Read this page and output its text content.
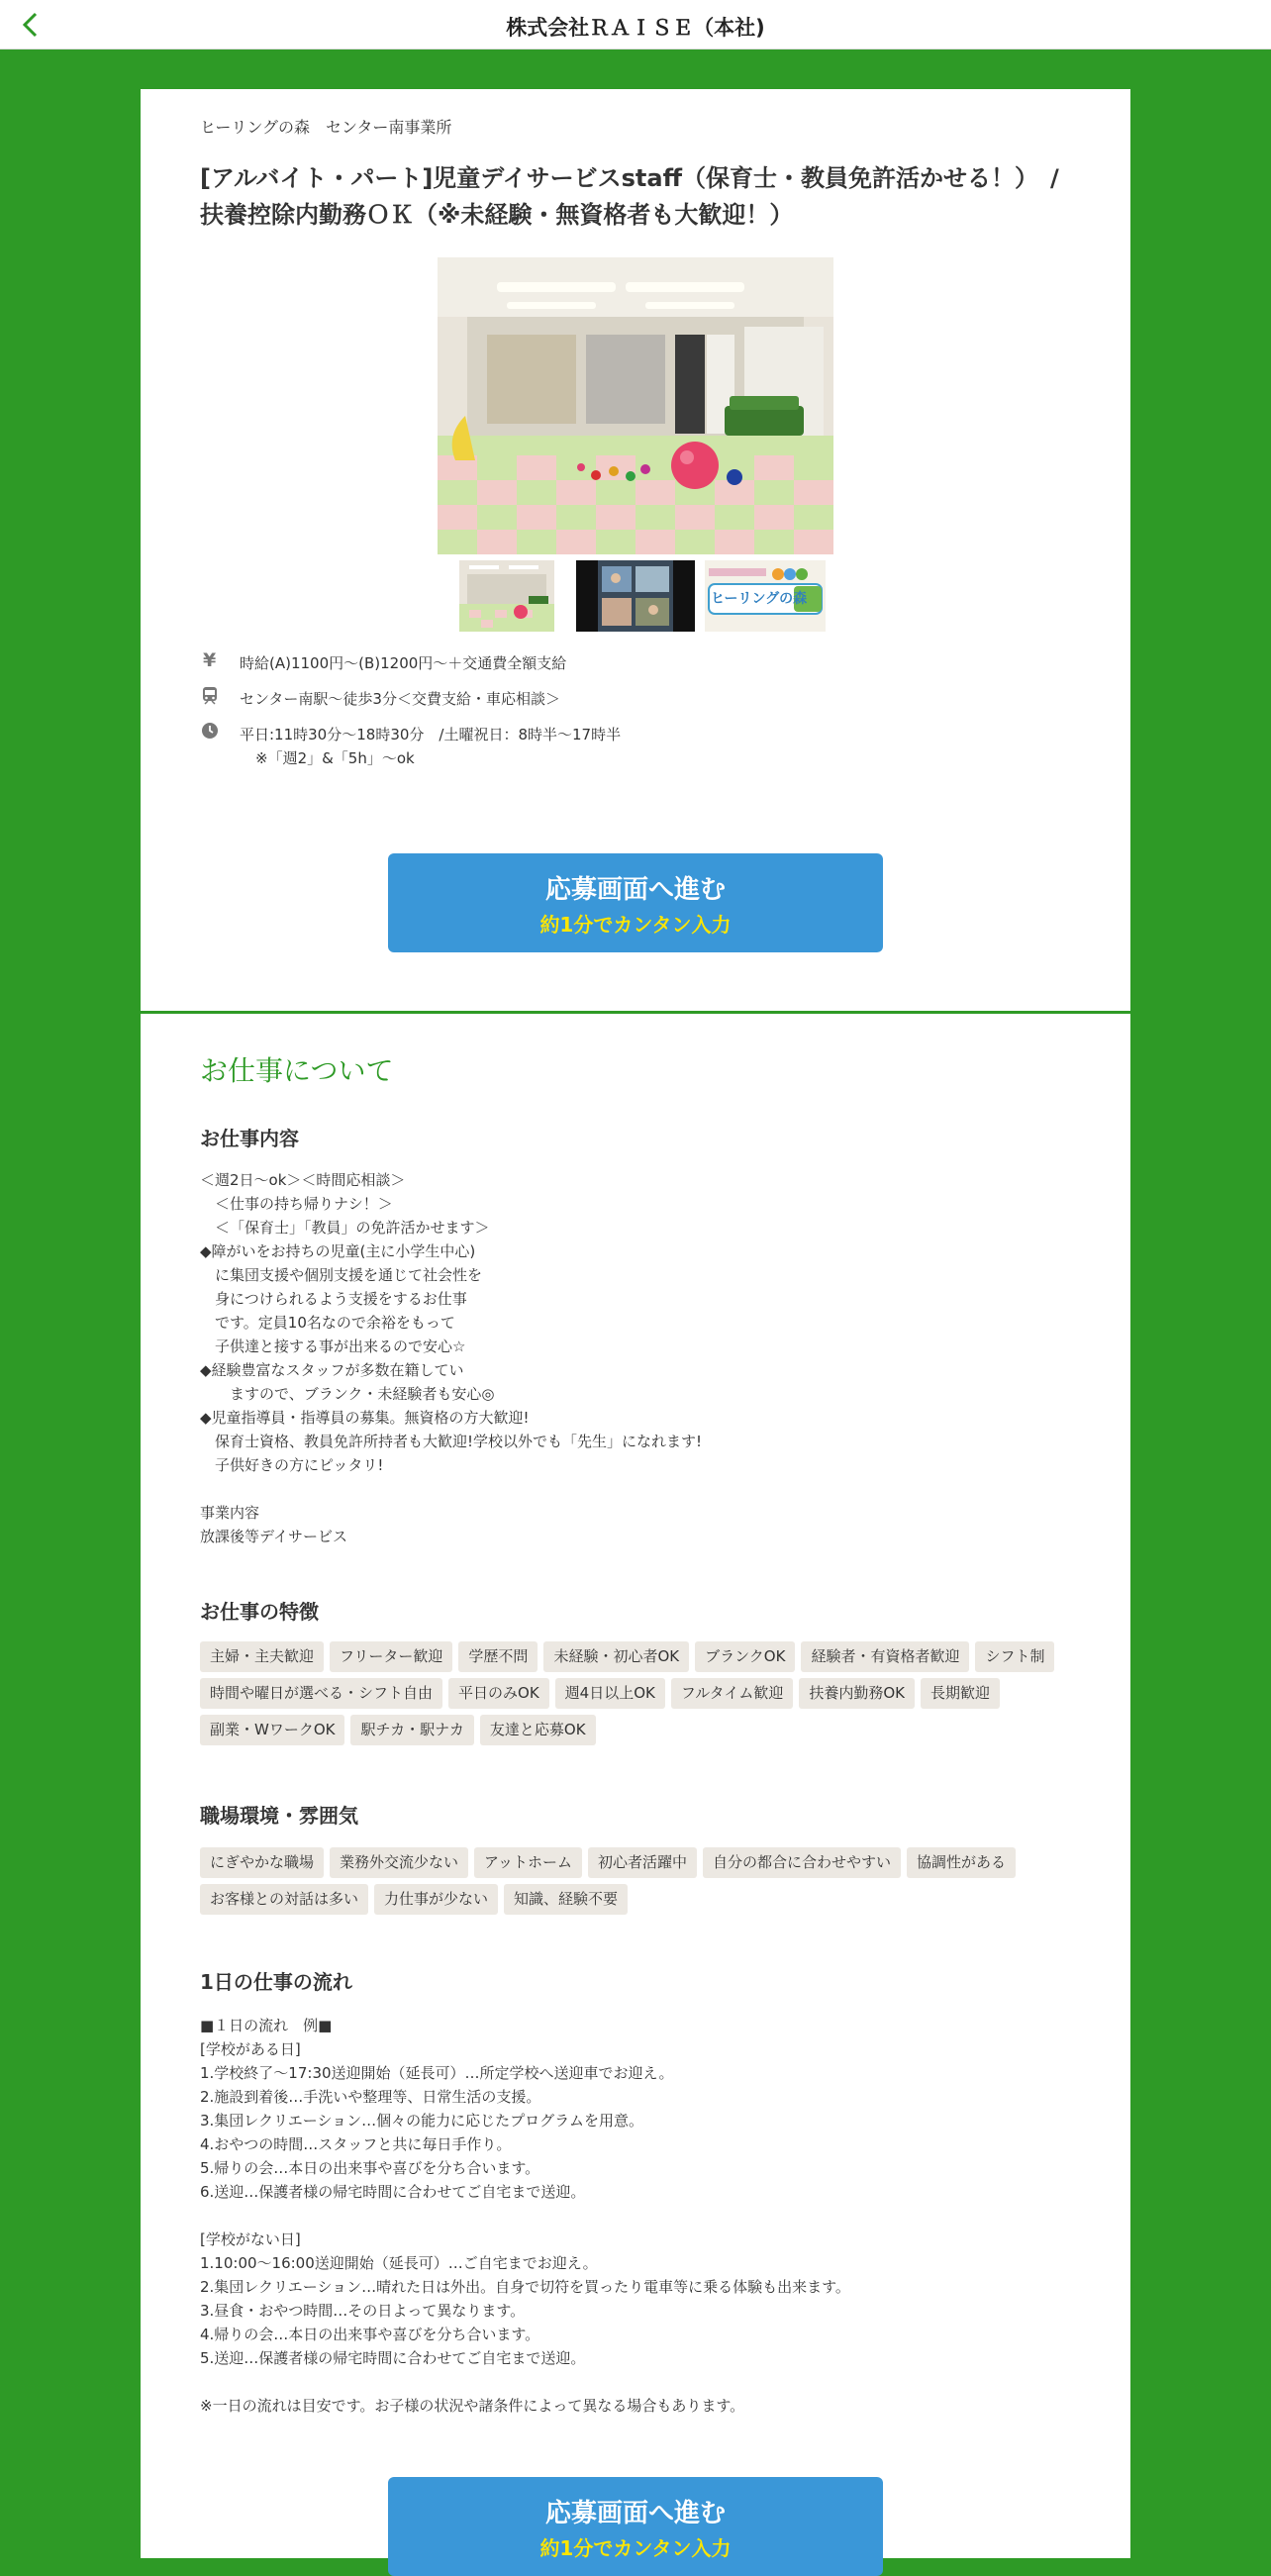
株式会社ＲＡＩＳＥ（本社)
ヒーリングの森　センター南事業所
[アルバイト・パート]児童デイサービスstaff（保育士・教員免許活かせる！）　/
扶養控除内勤務ＯＫ（※未経験・無資格者も大歓迎！）
ヒーリングの森
¥ 時給(A)1100円～(B)1200円～＋交通費全額支給
センター南駅～徒歩3分＜交費支給・車応相談＞
平日:11時30分～18時30分　/土曜祝日：8時半～17時半
※「週2」&「5h」～ok
応募画面へ進む
約1分でカンタン入力
お仕事について
お仕事内容
＜週2日～ok＞＜時間応相談＞
　＜仕事の持ち帰りナシ！＞
　＜「保育士」「教員」の免許活かせます＞
◆障がいをお持ちの児童(主に小学生中心)
　に集団支援や個別支援を通じて社会性を
　身につけられるよう支援をするお仕事
　です。定員10名なので余裕をもって
　子供達と接する事が出来るので安心☆
◆経験豊富なスタッフが多数在籍してい
　　ますので、ブランク・未経験者も安心◎
◆児童指導員・指導員の募集。無資格の方大歓迎!
　保育士資格、教員免許所持者も大歓迎!学校以外でも「先生」になれます!
　子供好きの方にピッタリ!

事業内容
放課後等デイサービス
お仕事の特徴
主婦・主夫歓迎	フリーター歓迎	学歴不問	未経験・初心者OK	ブランクOK	経験者・有資格者歓迎	シフト制
時間や曜日が選べる・シフト自由	平日のみOK	週4日以上OK	フルタイム歓迎	扶養内勤務OK	長期歓迎
副業・WワークOK	駅チカ・駅ナカ	友達と応募OK
職場環境・雰囲気
にぎやかな職場	業務外交流少ない	アットホーム	初心者活躍中	自分の都合に合わせやすい	協調性がある
お客様との対話は多い	力仕事が少ない	知識、経験不要
1日の仕事の流れ
■１日の流れ　例■
[学校がある日]
1.学校終了～17:30送迎開始（延長可）…所定学校へ送迎車でお迎え。
2.施設到着後…手洗いや整理等、日常生活の支援。
3.集団レクリエーション…個々の能力に応じたプログラムを用意。
4.おやつの時間…スタッフと共に毎日手作り。
5.帰りの会…本日の出来事や喜びを分ち合います。
6.送迎…保護者様の帰宅時間に合わせてご自宅まで送迎。

[学校がない日]
1.10:00～16:00送迎開始（延長可）…ご自宅までお迎え。
2.集団レクリエーション…晴れた日は外出。自身で切符を買ったり電車等に乗る体験も出来ます。
3.昼食・おやつ時間…その日よって異なります。
4.帰りの会…本日の出来事や喜びを分ち合います。
5.送迎…保護者様の帰宅時間に合わせてご自宅まで送迎。

※一日の流れは目安です。お子様の状況や諸条件によって異なる場合もあります。
応募画面へ進む
約1分でカンタン入力
